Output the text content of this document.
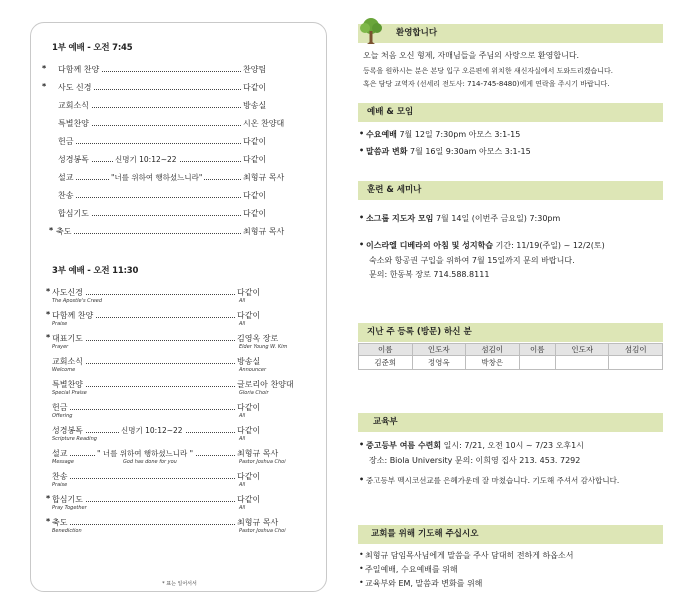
1부 예배 - 오전 7:45
* 다함께 찬양	찬양팀
* 사도 신경	다같이
교회소식	방송실
특별찬양	시온 찬양대
헌금	다같이
성경봉독	신명기 10:12~22	다같이
설교	"너를 위하여 행하셨느니라"	최형규 목사
찬송	다같이
합심기도	다같이
* 축도	최형규 목사
3부 예배 - 오전 11:30
* 사도신경	다같이
The Apostle's Creed	All
* 다함께 찬양	다같이
Praise	All
* 대표기도	김영옥 장로
Prayer	Elder Young W. Kim
교회소식	방송실
Welcome	Announcer
특별찬양	글로리아 찬양대
Special Praise	Gloria Choir
헌금	다같이
Offering	All
성경봉독	신명기 10:12~22	다같이
Scripture Reading	All
설교	" 너를 위하여 행하셨느니라 "	최형규 목사
Message	God has done for you	Pastor Joshua Choi
찬송	다같이
Praise	All
* 합심기도	다같이
Pray Together	All
* 축도	최형규 목사
Benediction	Pastor Joshua Choi
* 표는 일어서서
환영합니다
오늘 처음 오신 형제, 자매님들을 주님의 사랑으로 환영합니다.
등록을 원하시는 분은 본당 입구 오른편에 위치한 새신자실에서 도와드리겠습니다.
혹은 담당 교역자 (선세리 전도사: 714-745-8480)에게 연락을 주시기 바랍니다.
예배 & 모임
• 수요예배 7월 12일 7:30pm 아모스 3:1-15
• 말씀과 변화 7월 16일 9:30am 아모스 3:1-15
훈련 & 세미나
• 소그룹 지도자 모임 7월 14일 (이번주 금요일) 7:30pm
• 이스라엘 디베라의 아침 및 성지학습 기간: 11/19(주일) ~ 12/2(토)
숙소와 항공권 구입을 위하여 7월 15일까지 문의 바랍니다.
문의: 한동복 장로 714.588.8111
지난 주 등록 (방문) 하신 분
이름	인도자	섬김이	이름	인도자	섬김이
김준희	정영옥	박창은			
교육부
• 중고등부 여름 수련회 일시: 7/21, 오전 10시 ~ 7/23 오후1시
장소: Biola University 문의: 이희영 집사 213. 453. 7292
• 중고등부 멕시코선교를 은혜가운데 잘 마쳤습니다. 기도해 주셔서 감사합니다.
교회를 위해 기도해 주십시오
• 최형규 담임목사님에게 말씀을 주사 담대히 전하게 하옵소서
• 주일예배, 수요예배를 위해
• 교육부와 EM, 말씀과 변화를 위해
